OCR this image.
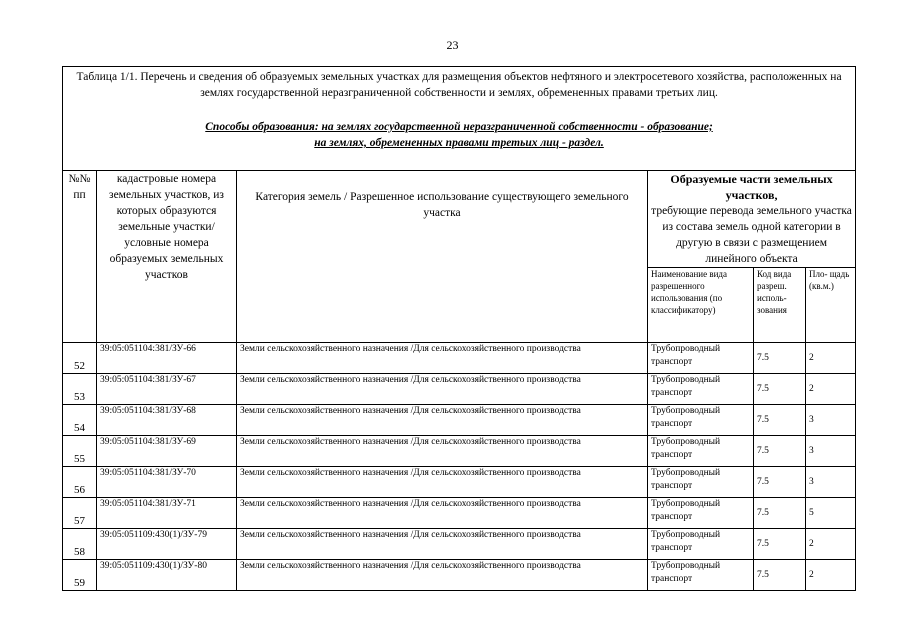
23
Таблица 1/1. Перечень и сведения об образуемых земельных участках для размещения объектов нефтяного и электросетевого хозяйства, расположенных на землях государственной неразграниченной собственности и землях, обремененных правами третьих лиц.
Способы образования: на землях государственной неразграниченной собственности - образование;
на землях, обремененных правами третьих лиц - раздел.					

№№ пп	кадастровые номера земельных участков, из которых образуются земельные участки/ условные номера образуемых земельных участков	Категория земель / Разрешенное использование существующего земельного участка	Образуемые части земельных участков,
требующие перевода земельного участка из состава земель одной категории в другую в связи с размещением линейного объекта		
			Наименование вида разрешенного использования (по классификатору)	Код вида разреш. исполь- зования	Пло- щадь (кв.м.)
52	39:05:051104:381/ЗУ-66	Земли сельскохозяйственного назначения /Для сельскохозяйственного производства	Трубопроводный транспорт	7.5	2
53	39:05:051104:381/ЗУ-67	Земли сельскохозяйственного назначения /Для сельскохозяйственного производства	Трубопроводный транспорт	7.5	2
54	39:05:051104:381/ЗУ-68	Земли сельскохозяйственного назначения /Для сельскохозяйственного производства	Трубопроводный транспорт	7.5	3
55	39:05:051104:381/ЗУ-69	Земли сельскохозяйственного назначения /Для сельскохозяйственного производства	Трубопроводный транспорт	7.5	3
56	39:05:051104:381/ЗУ-70	Земли сельскохозяйственного назначения /Для сельскохозяйственного производства	Трубопроводный транспорт	7.5	3
57	39:05:051104:381/ЗУ-71	Земли сельскохозяйственного назначения /Для сельскохозяйственного производства	Трубопроводный транспорт	7.5	5
58	39:05:051109:430(1)/ЗУ-79	Земли сельскохозяйственного назначения /Для сельскохозяйственного производства	Трубопроводный транспорт	7.5	2
59	39:05:051109:430(1)/ЗУ-80	Земли сельскохозяйственного назначения /Для сельскохозяйственного производства	Трубопроводный транспорт	7.5	2
